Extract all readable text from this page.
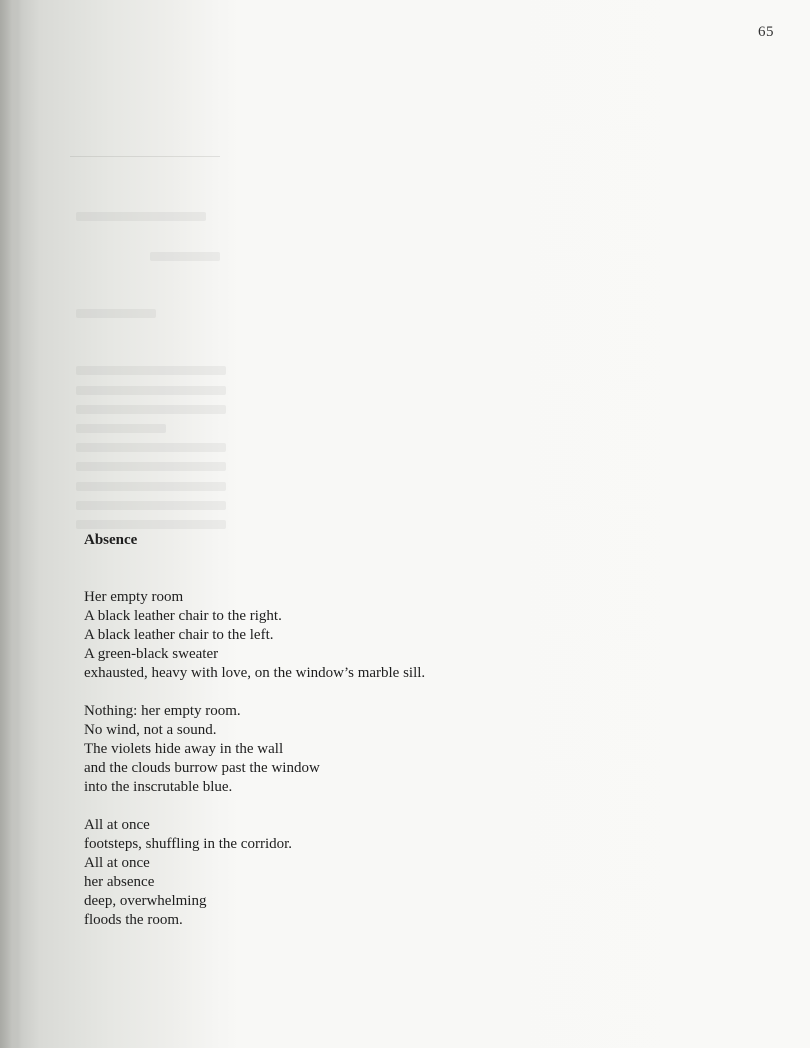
65
Absence
Her empty room
A black leather chair to the right.
A black leather chair to the left.
A green-black sweater
exhausted, heavy with love, on the window’s marble sill.
Nothing: her empty room.
No wind, not a sound.
The violets hide away in the wall
and the clouds burrow past the window
into the inscrutable blue.
All at once
footsteps, shuffling in the corridor.
All at once
her absence
deep, overwhelming
floods the room.
